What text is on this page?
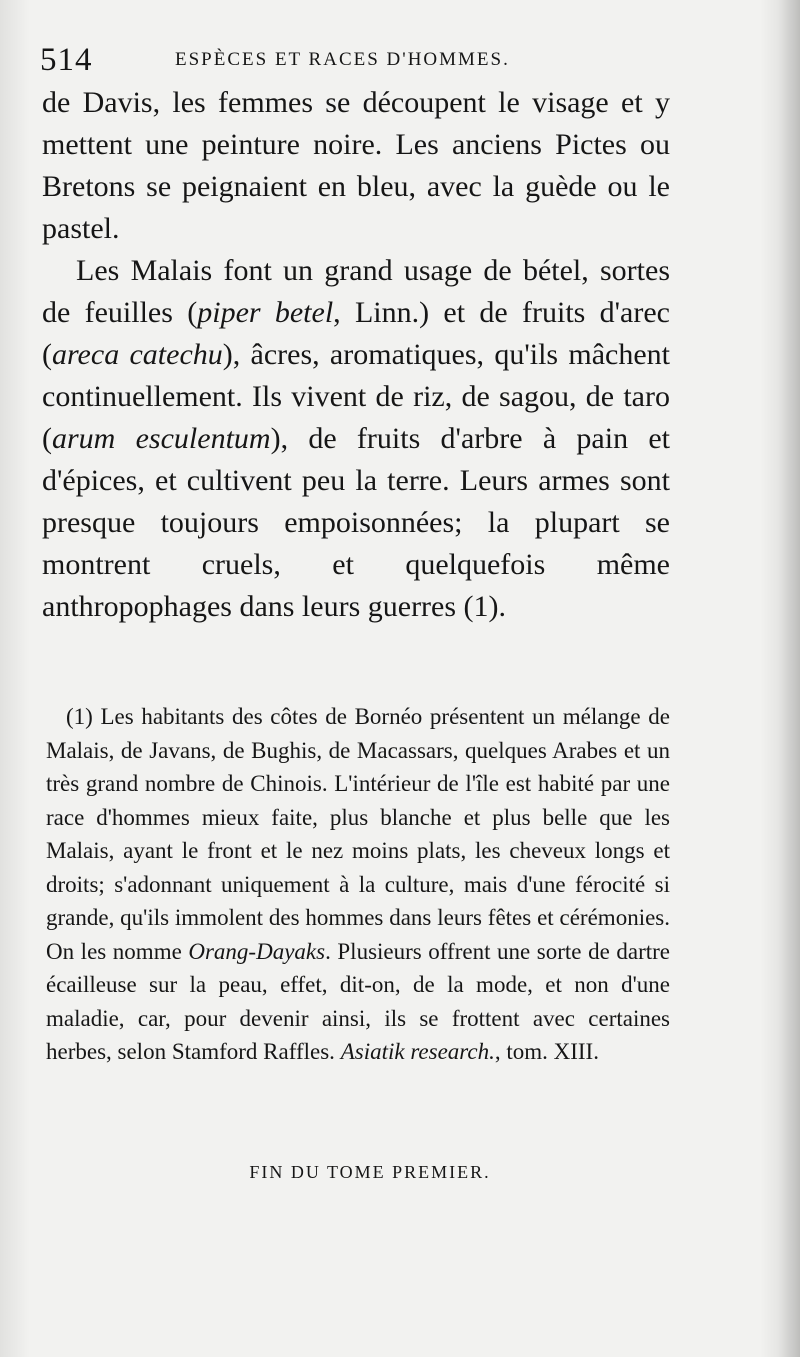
514	ESPÈCES ET RACES D'HOMMES.

de Davis, les femmes se découpent le visage et y mettent une peinture noire. Les anciens Pictes ou Bretons se peignaient en bleu, avec la guède ou le pastel.

Les Malais font un grand usage de bétel, sortes de feuilles (piper betel, Linn.) et de fruits d'arec (areca catechu), âcres, aromatiques, qu'ils mâchent continuellement. Ils vivent de riz, de sagou, de taro (arum esculentum), de fruits d'arbre à pain et d'épices, et cultivent peu la terre. Leurs armes sont presque toujours empoisonnées; la plupart se montrent cruels, et quelquefois même anthropophages dans leurs guerres (1).

(1) Les habitants des côtes de Bornéo présentent un mélange de Malais, de Javans, de Bughis, de Macassars, quelques Arabes et un très grand nombre de Chinois. L'intérieur de l'île est habité par une race d'hommes mieux faite, plus blanche et plus belle que les Malais, ayant le front et le nez moins plats, les cheveux longs et droits; s'adonnant uniquement à la culture, mais d'une férocité si grande, qu'ils immolent des hommes dans leurs fêtes et cérémonies. On les nomme Orang-Dayaks. Plusieurs offrent une sorte de dartre écailleuse sur la peau, effet, dit-on, de la mode, et non d'une maladie, car, pour devenir ainsi, ils se frottent avec certaines herbes, selon Stamford Raffles. Asiatik research., tom. XIII.

FIN DU TOME PREMIER.
